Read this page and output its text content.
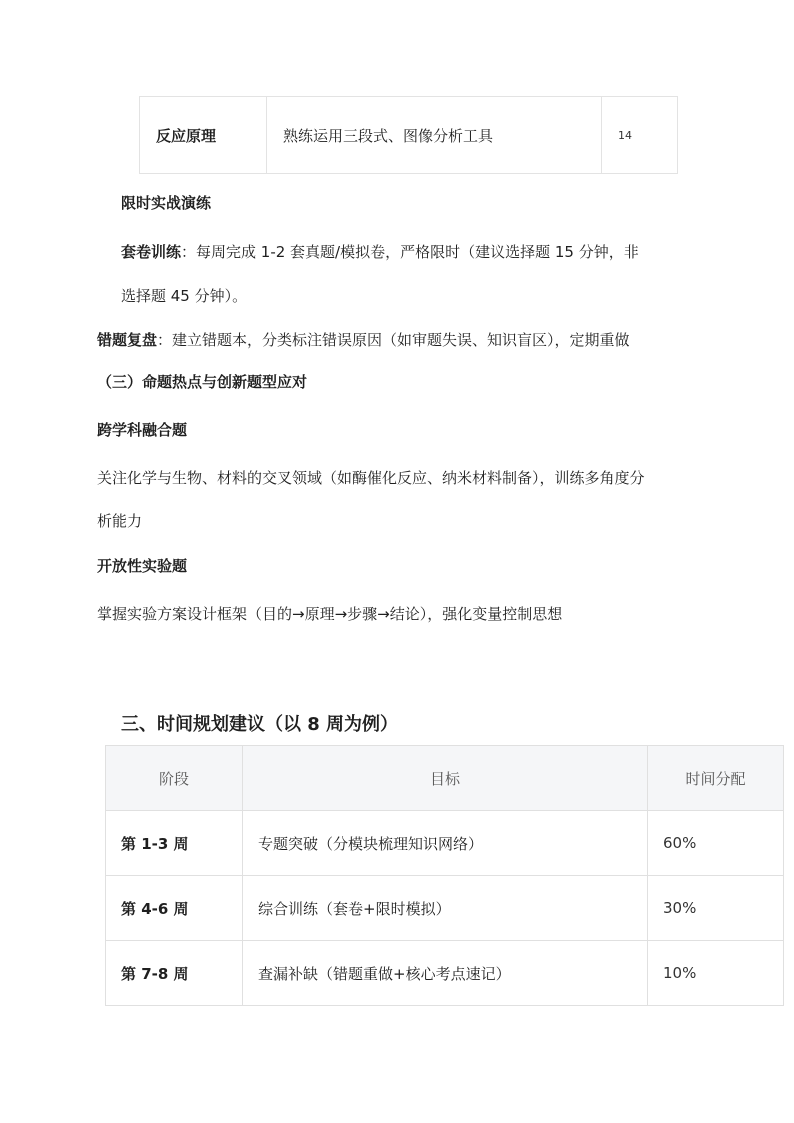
反应原理	熟练运用三段式、图像分析工具	14
限时实战演练
套卷训练：每周完成 1-2 套真题/模拟卷，严格限时（建议选择题 15 分钟，非
选择题 45 分钟）。
错题复盘：建立错题本，分类标注错误原因（如审题失误、知识盲区），定期重做
（三）命题热点与创新题型应对
跨学科融合题
关注化学与生物、材料的交叉领域（如酶催化反应、纳米材料制备），训练多角度分
析能力
开放性实验题
掌握实验方案设计框架（目的→原理→步骤→结论），强化变量控制思想
三、时间规划建议（以 8 周为例）
阶段	目标	时间分配
第 1-3 周	专题突破（分模块梳理知识网络）	60%
第 4-6 周	综合训练（套卷+限时模拟）	30%
第 7-8 周	查漏补缺（错题重做+核心考点速记）	10%
